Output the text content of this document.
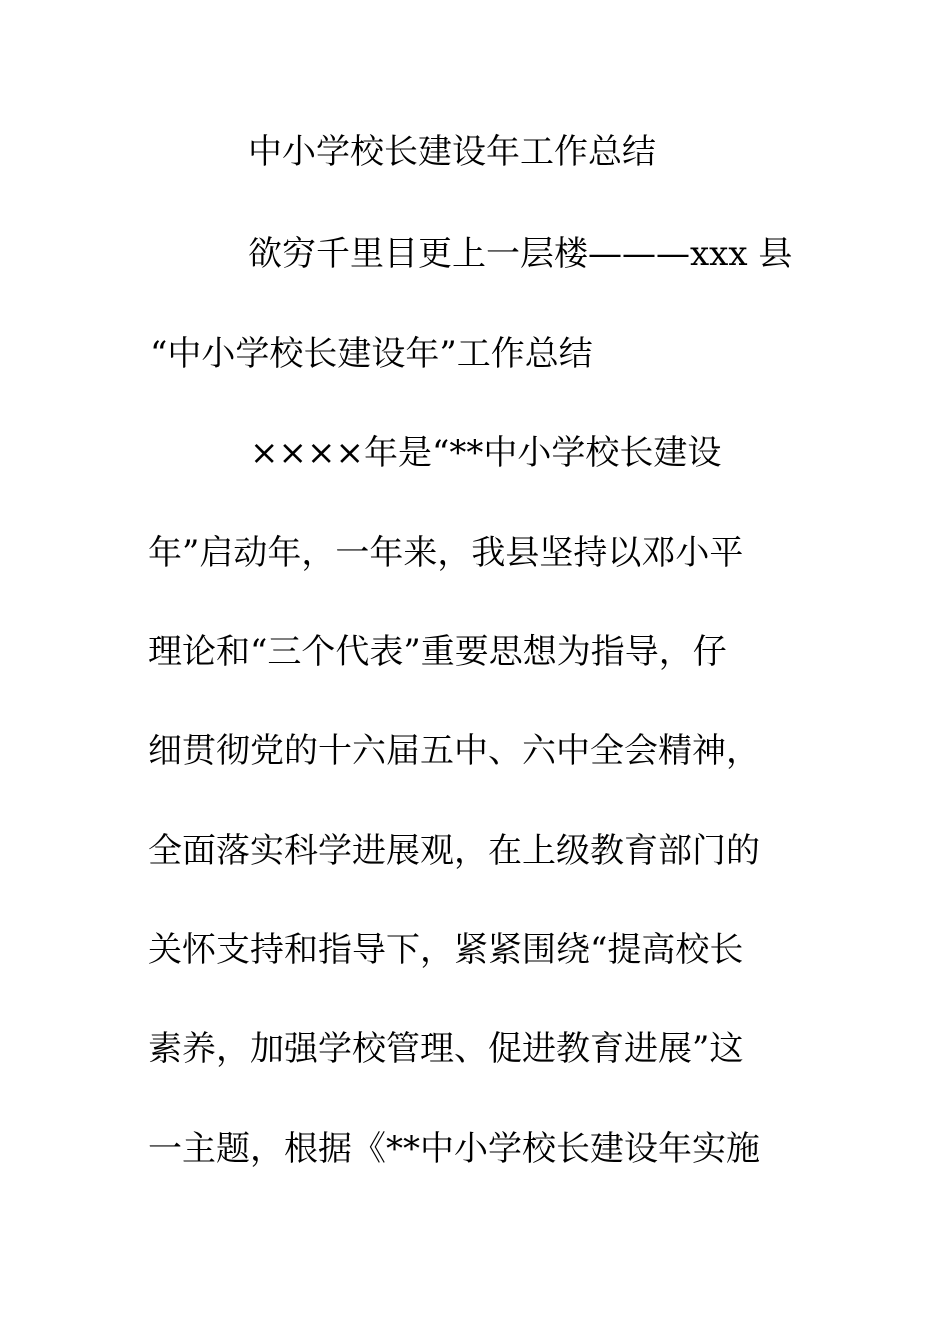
中小学校长建设年工作总结
欲穷千里目更上一层楼———xxx 县
“中小学校长建设年”工作总结
××××年是“**中小学校长建设
年”启动年，一年来，我县坚持以邓小平
理论和“三个代表”重要思想为指导，仔
细贯彻党的十六届五中、六中全会精神，
全面落实科学进展观，在上级教育部门的
关怀支持和指导下，紧紧围绕“提高校长
素养，加强学校管理、促进教育进展”这
一主题，根据《**中小学校长建设年实施
